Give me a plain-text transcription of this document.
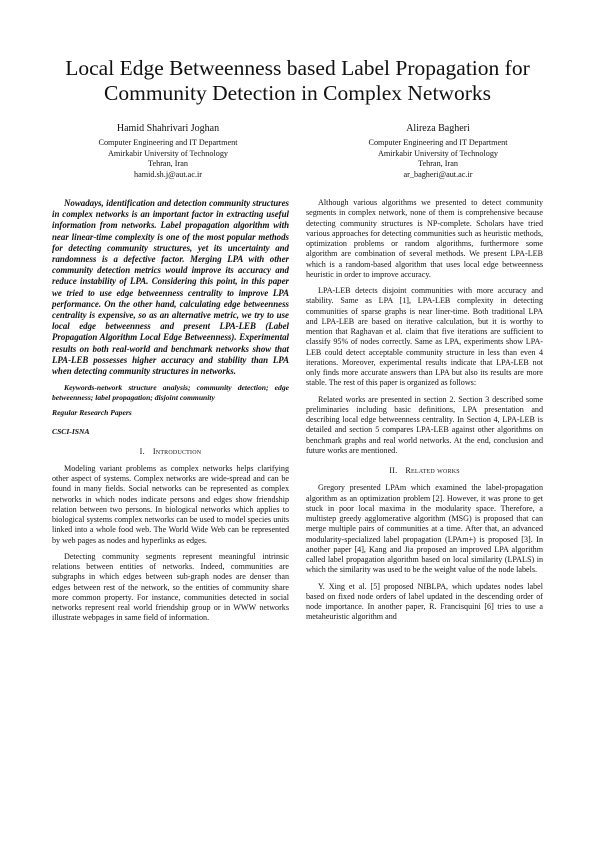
Local Edge Betweenness based Label Propagation for Community Detection in Complex Networks
Hamid Shahrivari Joghan
Computer Engineering and IT Department
Amirkabir University of Technology
Tehran, Iran
hamid.sh.j@aut.ac.ir
Alireza Bagheri
Computer Engineering and IT Department
Amirkabir University of Technology
Tehran, Iran
ar_bagheri@aut.ac.ir

Nowadays, identification and detection community structures in complex networks is an important factor in extracting useful information from networks. Label propagation algorithm with near linear-time complexity is one of the most popular methods for detecting community structures, yet its uncertainty and randomness is a defective factor. Merging LPA with other community detection metrics would improve its accuracy and reduce instability of LPA. Considering this point, in this paper we tried to use edge betweenness centrality to improve LPA performance. On the other hand, calculating edge betweenness centrality is expensive, so as an alternative metric, we try to use local edge betweenness and present LPA-LEB (Label Propagation Algorithm Local Edge Betweenness). Experimental results on both real-world and benchmark networks show that LPA-LEB possesses higher accuracy and stability than LPA when detecting community structures in networks.

Keywords-network structure analysis; community detection; edge betweenness; label propagation; disjoint community

Regular Research Papers

CSCI-ISNA

I. Introduction

Modeling variant problems as complex networks helps clarifying other aspect of systems. Complex networks are wide-spread and can be found in many fields. Social networks can be represented as complex networks in which nodes indicate persons and edges show friendship relation between two persons. In biological networks which applies to biological systems complex networks can be used to model species units linked into a whole food web. The World Wide Web can be represented by web pages as nodes and hyperlinks as edges.

Detecting community segments represent meaningful intrinsic relations between entities of networks. Indeed, communities are subgraphs in which edges between sub-graph nodes are denser than edges between rest of the network, so the entities of community share more common property. For instance, communities detected in social networks represent real world friendship group or in WWW networks illustrate webpages in same field of information.

Although various algorithms we presented to detect community segments in complex network, none of them is comprehensive because detecting community structures is NP-complete. Scholars have tried various approaches for detecting communities such as heuristic methods, optimization problems or random algorithms, furthermore some algorithm are combination of several methods. We present LPA-LEB which is a random-based algorithm that uses local edge betweenness heuristic in order to improve accuracy.

LPA-LEB detects disjoint communities with more accuracy and stability. Same as LPA [1], LPA-LEB complexity in detecting communities of sparse graphs is near liner-time. Both traditional LPA and LPA-LEB are based on iterative calculation, but it is worthy to mention that Raghavan et al. claim that five iterations are sufficient to classify 95% of nodes correctly. Same as LPA, experiments show LPA-LEB could detect acceptable community structure in less than even 4 iterations. Moreover, experimental results indicate that LPA-LEB not only finds more accurate answers than LPA but also its results are more stable. The rest of this paper is organized as follows:

Related works are presented in section 2. Section 3 described some preliminaries including basic definitions, LPA presentation and describing local edge betweenness centrality. In Section 4, LPA-LEB is detailed and section 5 compares LPA-LEB against other algorithms on benchmark graphs and real world networks. At the end, conclusion and future works are mentioned.

II. Related works

Gregory presented LPAm which examined the label-propagation algorithm as an optimization problem [2]. However, it was prone to get stuck in poor local maxima in the modularity space. Therefore, a multistep greedy agglomerative algorithm (MSG) is proposed that can merge multiple pairs of communities at a time. After that, an advanced modularity-specialized label propagation (LPAm+) is proposed [3]. In another paper [4], Kang and Jia proposed an improved LPA algorithm called label propagation algorithm based on local similarity (LPALS) in which the similarity was used to be the weight value of the node labels.

Y. Xing et al. [5] proposed NIBLPA, which updates nodes label based on fixed node orders of label updated in the descending order of node importance. In another paper, R. Francisquini [6] tries to use a metaheuristic algorithm and
